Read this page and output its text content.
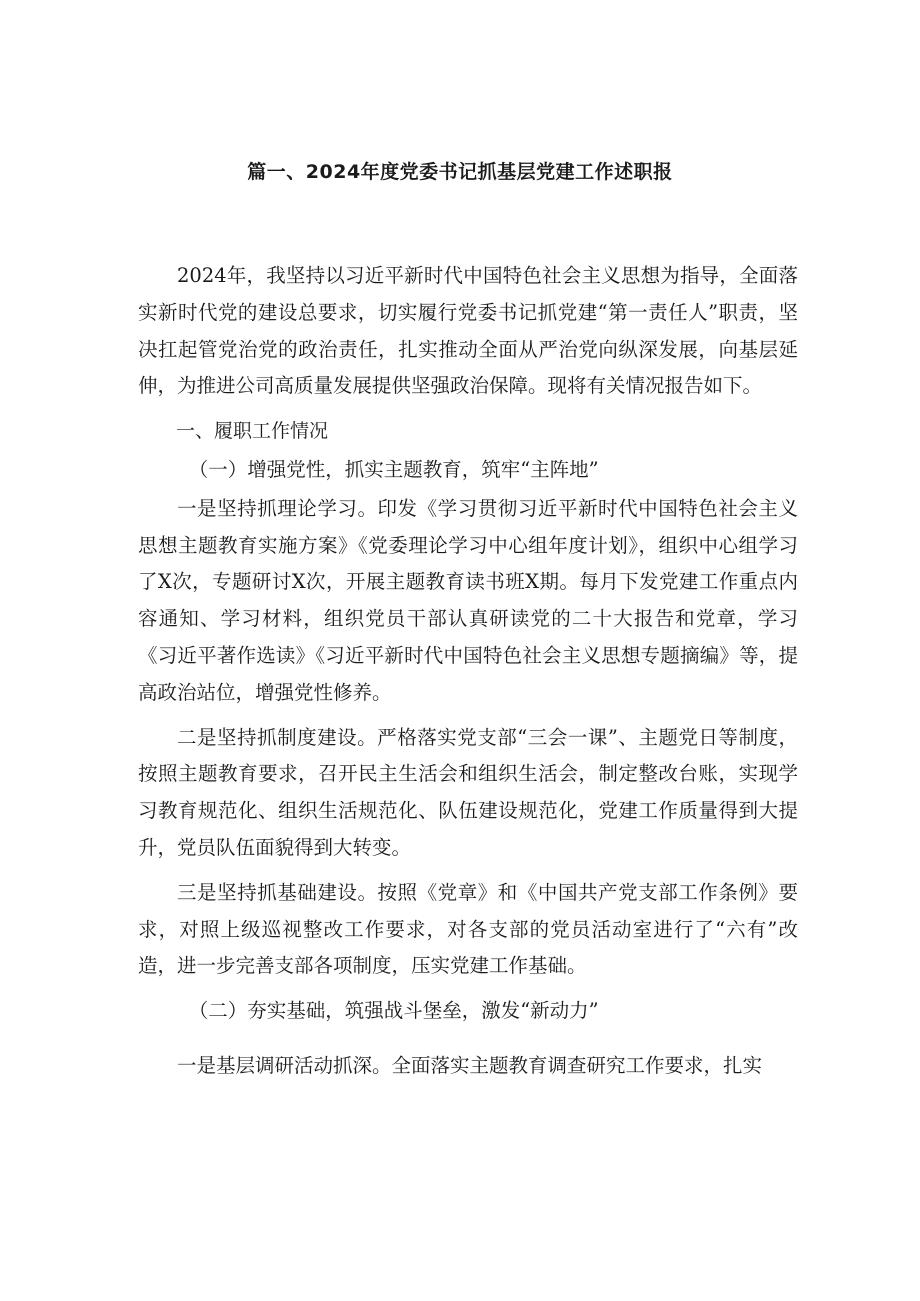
篇一、2024年度党委书记抓基层党建工作述职报

2024年，我坚持以习近平新时代中国特色社会主义思想为指导，全面落实新时代党的建设总要求，切实履行党委书记抓党建“第一责任人”职责，坚决扛起管党治党的政治责任，扎实推动全面从严治党向纵深发展，向基层延伸，为推进公司高质量发展提供坚强政治保障。现将有关情况报告如下。

一、履职工作情况

（一）增强党性，抓实主题教育，筑牢“主阵地”

一是坚持抓理论学习。印发《学习贯彻习近平新时代中国特色社会主义思想主题教育实施方案》《党委理论学习中心组年度计划》，组织中心组学习了X次，专题研讨X次，开展主题教育读书班X期。每月下发党建工作重点内容通知、学习材料，组织党员干部认真研读党的二十大报告和党章，学习《习近平著作选读》《习近平新时代中国特色社会主义思想专题摘编》等，提高政治站位，增强党性修养。

二是坚持抓制度建设。严格落实党支部“三会一课”、主题党日等制度，按照主题教育要求，召开民主生活会和组织生活会，制定整改台账，实现学习教育规范化、组织生活规范化、队伍建设规范化，党建工作质量得到大提升，党员队伍面貌得到大转变。

三是坚持抓基础建设。按照《党章》和《中国共产党支部工作条例》要求，对照上级巡视整改工作要求，对各支部的党员活动室进行了“六有”改造，进一步完善支部各项制度，压实党建工作基础。

（二）夯实基础，筑强战斗堡垒，激发“新动力”

一是基层调研活动抓深。全面落实主题教育调查研究工作要求，扎实
